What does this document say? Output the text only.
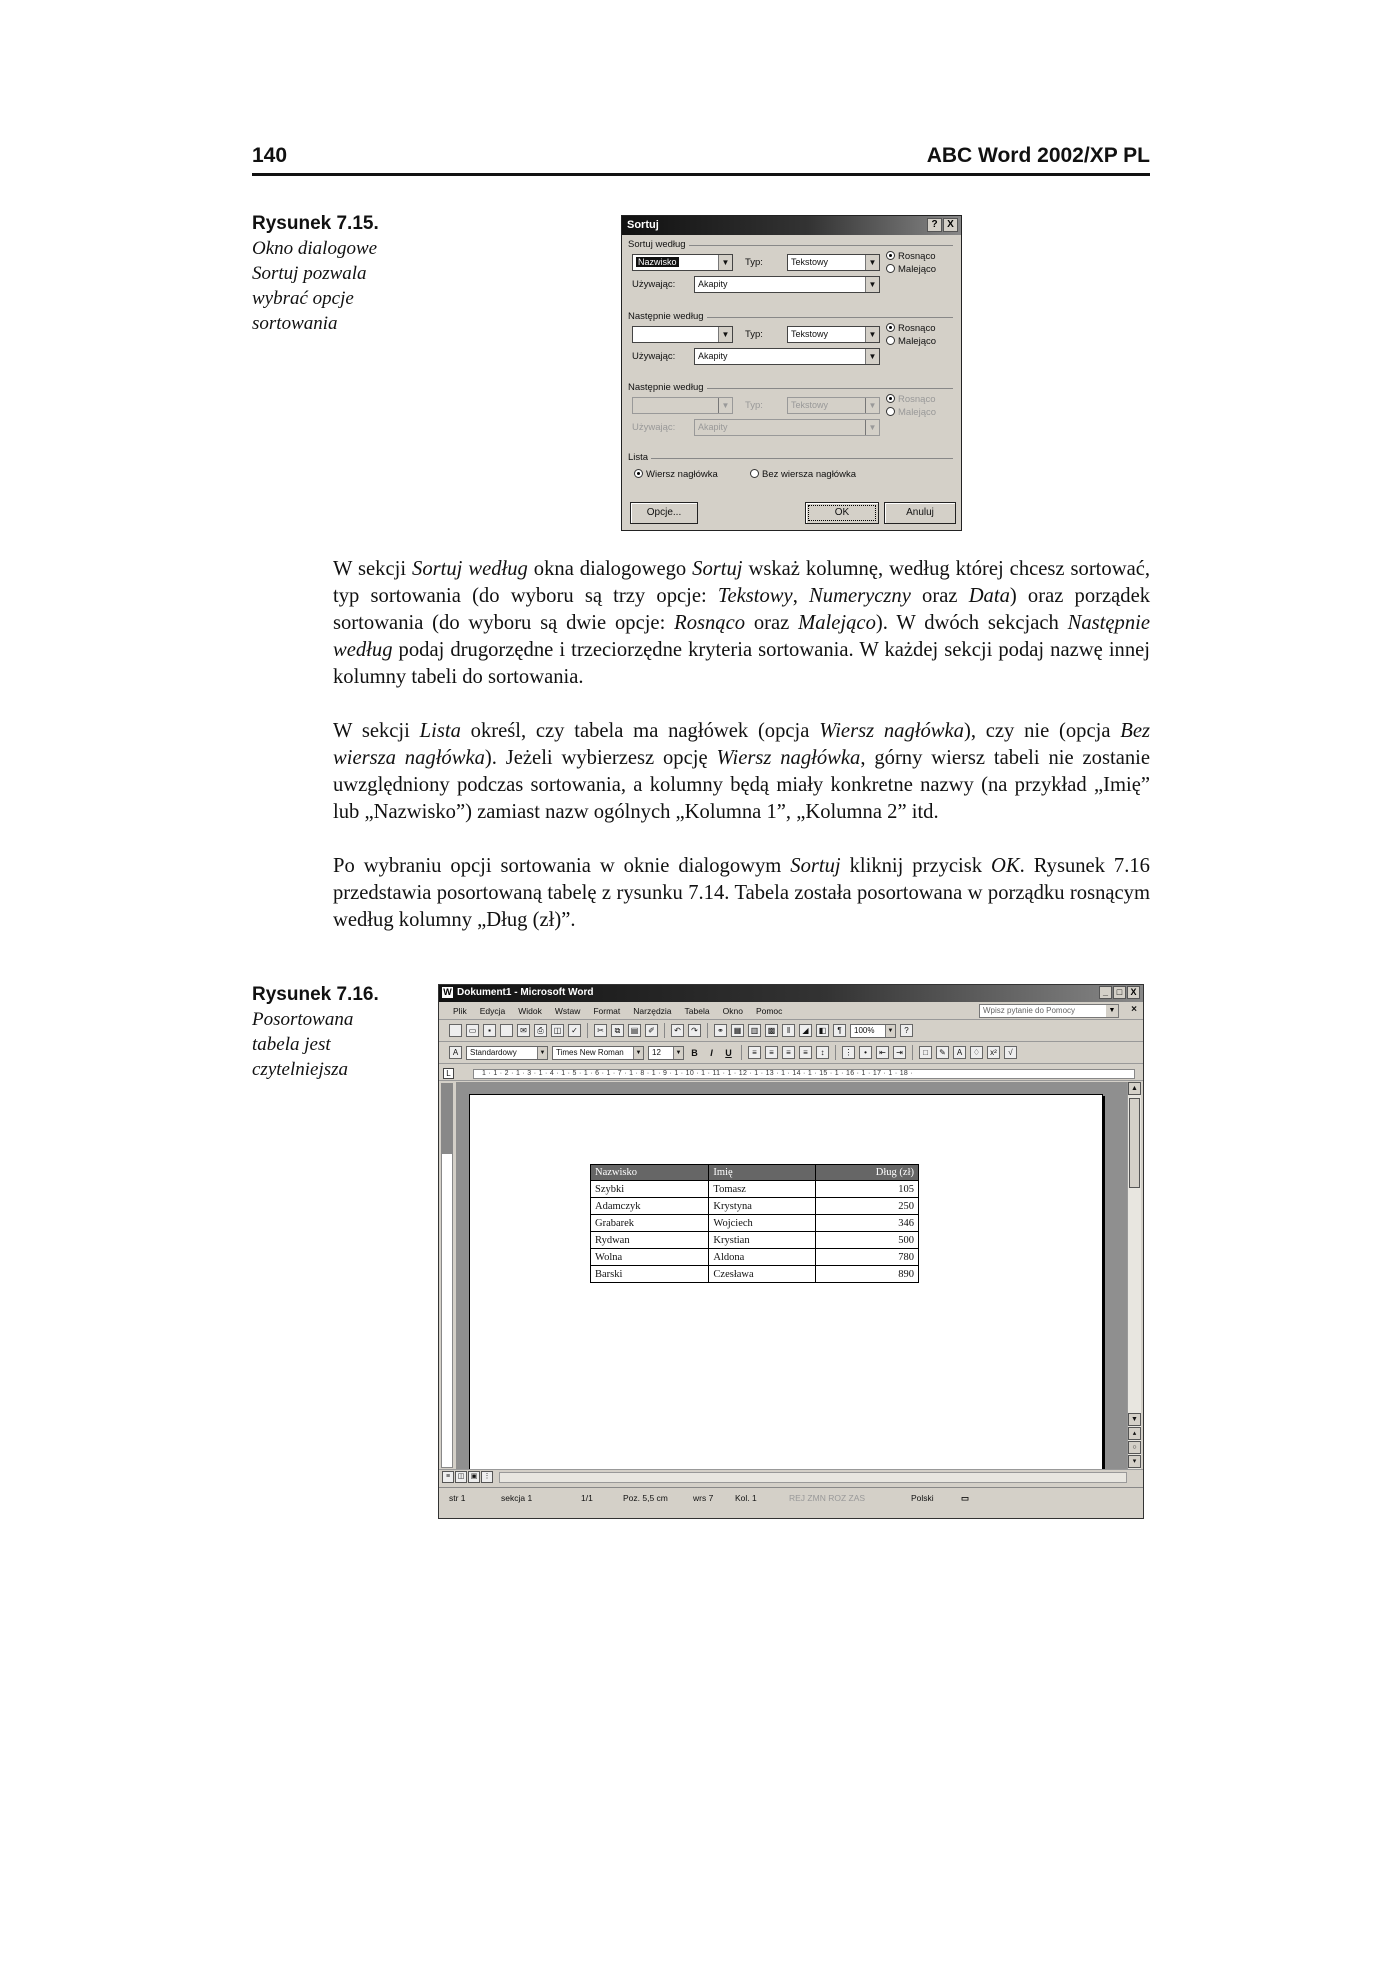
140	ABC Word 2002/XP PL
Rysunek 7.15.
Okno dialogowe Sortuj pozwala wybrać opcje sortowania
Sortuj	? X
Sortuj według
Nazwisko	▼ Typ:	Tekstowy	▼
Używając:	Akapity	▼
Rosnąco
Malejąco
Następnie według
▼ Typ:	Tekstowy	▼
Używając:	Akapity	▼
Rosnąco
Malejąco
Następnie według
▼ Typ:	Tekstowy	▼
Używając:	Akapity	▼
Rosnąco
Malejąco
Lista
Wiersz nagłówka	Bez wiersza nagłówka
Opcje...	OK	Anuluj

W sekcji Sortuj według okna dialogowego Sortuj wskaż kolumnę, według której chcesz sortować, typ sortowania (do wyboru są trzy opcje: Tekstowy, Numeryczny oraz Data) oraz porządek sortowania (do wyboru są dwie opcje: Rosnąco oraz Malejąco). W dwóch sekcjach Następnie według podaj drugorzędne i trzeciorzędne kryteria sortowania. W każdej sekcji podaj nazwę innej kolumny tabeli do sortowania.

W sekcji Lista określ, czy tabela ma nagłówek (opcja Wiersz nagłówka), czy nie (opcja Bez wiersza nagłówka). Jeżeli wybierzesz opcję Wiersz nagłówka, górny wiersz tabeli nie zostanie uwzględniony podczas sortowania, a kolumny będą miały konkretne nazwy (na przykład „Imię” lub „Nazwisko”) zamiast nazw ogólnych „Kolumna 1”, „Kolumna 2” itd.

Po wybraniu opcji sortowania w oknie dialogowym Sortuj kliknij przycisk OK. Rysunek 7.16 przedstawia posortowaną tabelę z rysunku 7.14. Tabela została posortowana w porządku rosnącym według kolumny „Dług (zł)”.

Rysunek 7.16.
Posortowana tabela jest czytelniejsza
W Dokument1 - Microsoft Word	_ □ X
Plik Edycja Widok Wstaw Format Narzędzia Tabela Okno Pomoc	Wpisz pytanie do Pomocy	▼ ×
▭	▪	✉	⎙	◫	✓	✂	⧉	▤	✐	↶	↷	⚭	▦	▥	▩	‖	◢	◧	¶	100%	▼	?
A	Standardowy	▼	Times New Roman	▼	12	▼	B	I	U	≡	≡	≡	≡	↕	⋮	•	⇤	⇥	□	✎	A	♢	x²	√
L	1 · 1 · 2 · 1 · 3 · 1 · 4 · 1 · 5 · 1 · 6 · 1 · 7 · 1 · 8 · 1 · 9 · 1 · 10 · 1 · 11 · 1 · 12 · 1 · 13 · 1 · 14 · 1 · 15 · 1 · 16 · 1 · 17 · 1 · 18 ·
Nazwisko	Imię	Dług (zł)
Szybki	Tomasz	105
Adamczyk	Krystyna	250
Grabarek	Wojciech	346
Rydwan	Krystian	500
Wolna	Aldona	780
Barski	Czesława	890
▲
▼
▴
○
▾
≡	◫ ▣ ⋮
str 1	sekcja 1	1/1	Poz. 5,5 cm	wrs 7	Kol. 1	REJ ZMN ROZ ZAS	Polski	▭
